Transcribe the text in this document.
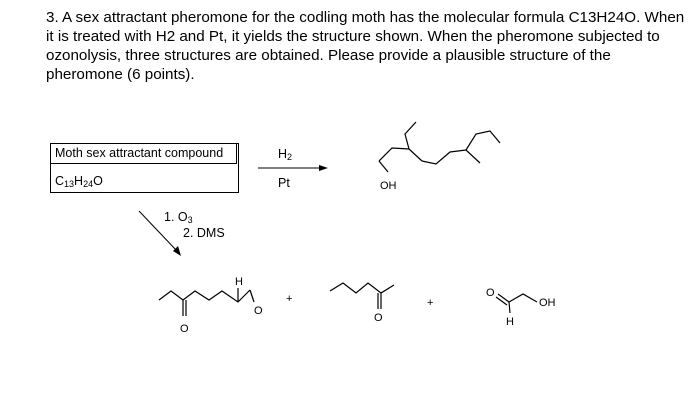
3. A sex attractant pheromone for the codling moth has the molecular formula C13H24O. When it is treated with H2 and Pt, it yields the structure shown. When the pheromone subjected to ozonolysis, three structures are obtained. Please provide a plausible structure of the pheromone (6 points).

Moth sex attractant compound
$C_{13}H_{24}O$
$H_2$
Pt
1. $O_3$
2. DMS
OH
H
O
O
+
O
+
O
OH
H
